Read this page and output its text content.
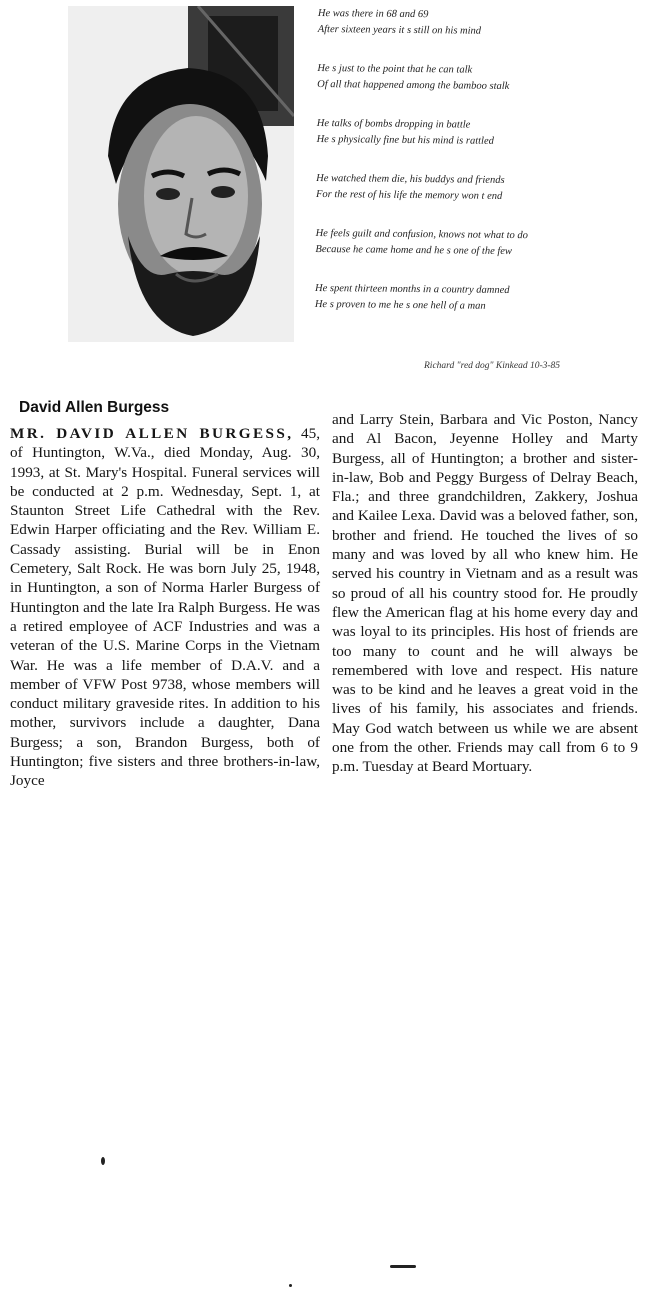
He was there in 68 and 69
After sixteen years it s still on his mind
He s just to the point that he can talk
Of all that happened among the bamboo stalk
He talks of bombs dropping in battle
He s physically fine but his mind is rattled
He watched them die, his buddys and friends
For the rest of his life the memory won t end
He feels guilt and confusion, knows not what to do
Because he came home and he s one of the few
He spent thirteen months in a country damned
He s proven to me he s one hell of a man
Richard "red dog" Kinkead 10-3-85
David Allen Burgess
MR. DAVID ALLEN BURGESS, 45, of Huntington, W.Va., died Monday, Aug. 30, 1993, at St. Mary's Hospital. Funeral services will be conducted at 2 p.m. Wednesday, Sept. 1, at Staunton Street Life Cathedral with the Rev. Edwin Harper officiating and the Rev. William E. Cassady assisting. Burial will be in Enon Cemetery, Salt Rock. He was born July 25, 1948, in Huntington, a son of Norma Harler Burgess of Huntington and the late Ira Ralph Burgess. He was a retired employee of ACF Industries and was a veteran of the U.S. Marine Corps in the Vietnam War. He was a life member of D.A.V. and a member of VFW Post 9738, whose members will conduct military graveside rites. In addition to his mother, survivors include a daughter, Dana Burgess; a son, Brandon Burgess, both of Huntington; five sisters and three brothers-in-law, Joyce
and Larry Stein, Barbara and Vic Poston, Nancy and Al Bacon, Jeyenne Holley and Marty Burgess, all of Huntington; a brother and sister-in-law, Bob and Peggy Burgess of Delray Beach, Fla.; and three grandchildren, Zakkery, Joshua and Kailee Lexa. David was a beloved father, son, brother and friend. He touched the lives of so many and was loved by all who knew him. He served his country in Vietnam and as a result was so proud of all his country stood for. He proudly flew the American flag at his home every day and was loyal to its principles. His host of friends are too many to count and he will always be remembered with love and respect. His nature was to be kind and he leaves a great void in the lives of his family, his associates and friends. May God watch between us while we are absent one from the other. Friends may call from 6 to 9 p.m. Tuesday at Beard Mortuary.
